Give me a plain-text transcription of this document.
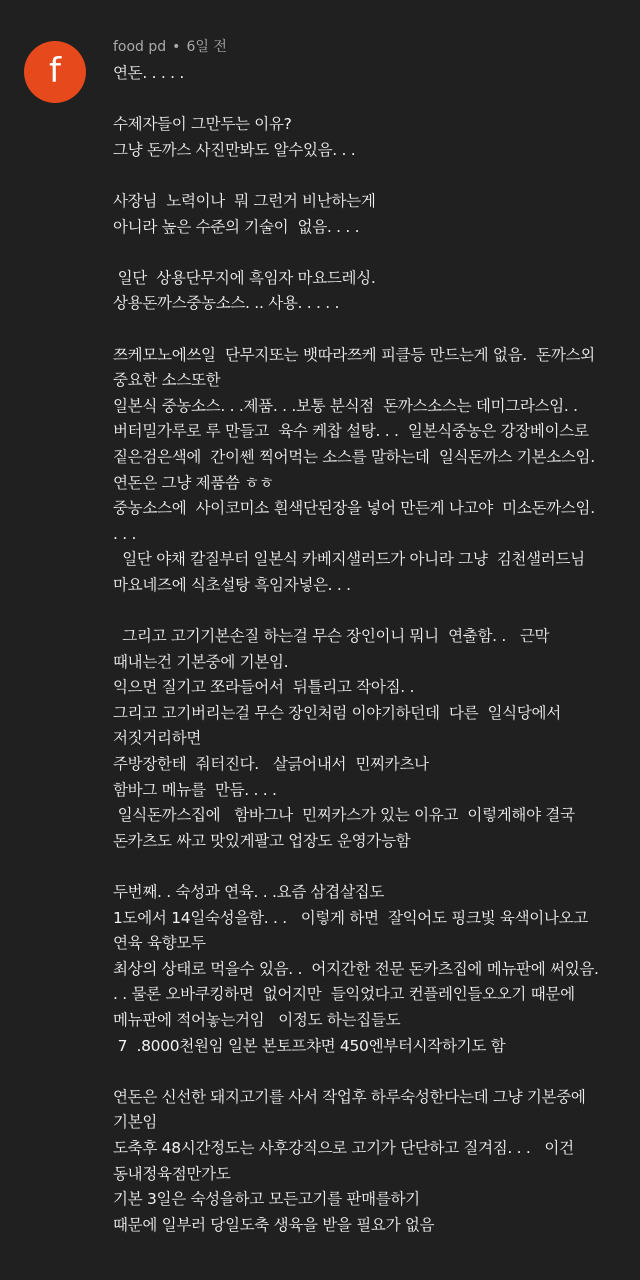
f
food pd • 6일 전
연돈. . . . .
수제자들이 그만두는 이유?
그냥 돈까스 사진만봐도 알수있음. . .
사장님  노력이나  뭐 그런거 비난하는게
아니라 높은 수준의 기술이  없음. . . .
일단  상용단무지에 흑임자 마요드레싱.
상용돈까스중농소스. .. 사용. . . . .
쯔케모노에쓰일  단무지또는 뱃따라쯔케 피클등 만드는게 없음.  돈까스외
중요한 소스또한
일본식 중농소스. . .제품. . .보통 분식점  돈까스소스는 데미그라스임. .
버터밀가루로 루 만들고  육수 케찹 설탕. . .  일본식중농은 강장베이스로
짙은검은색에  간이쎈 찍어먹는 소스를 말하는데  일식돈까스 기본소스임.
연돈은 그냥 제품씀 ㅎㅎ
중농소스에  사이코미소 흰색단된장을 넣어 만든게 나고야  미소돈까스임.
. . .
일단 야채 칼질부터 일본식 카베지샐러드가 아니라 그냥  김천샐러드님
마요네즈에 식초설탕 흑임자넣은. . .
그리고 고기기본손질 하는걸 무슨 장인이니 뭐니  연출함. .   근막
때내는건 기본중에 기본임.
익으면 질기고 쪼라들어서  뒤틀리고 작아짐. .
그리고 고기버리는걸 무슨 장인처럼 이야기하던데  다른  일식당에서
저짓거리하면
주방장한테  줘터진다.   살긁어내서  민찌카츠나
함바그 메뉴를  만듬. . . .
일식돈까스집에   함바그나  민찌카스가 있는 이유고  이렇게해야 결국
돈카츠도 싸고 맛있게팔고 업장도 운영가능함
두번째. . 숙성과 연육. . .요즘 삼겹살집도
1도에서 14일숙성을함. . .   이렇게 하면  잘익어도 핑크빛 육색이나오고
연육 육향모두
최상의 상태로 먹을수 있음. .  어지간한 전문 돈카츠집에 메뉴판에 써있음.
. . 물론 오바쿠킹하면  없어지만  들익었다고 컨플레인들오오기 때문에
메뉴판에 적어놓는거임   이정도 하는집들도
7  .8000천원임 일본 본토프챠면 450엔부터시작하기도 함
연돈은 신선한 돼지고기를 사서 작업후 하루숙성한다는데 그냥 기본중에
기본임
도축후 48시간정도는 사후강직으로 고기가 단단하고 질겨짐. . .   이건
동내정육점만가도
기본 3일은 숙성을하고 모든고기를 판매를하기
때문에 일부러 당일도축 생육을 받을 필요가 없음
